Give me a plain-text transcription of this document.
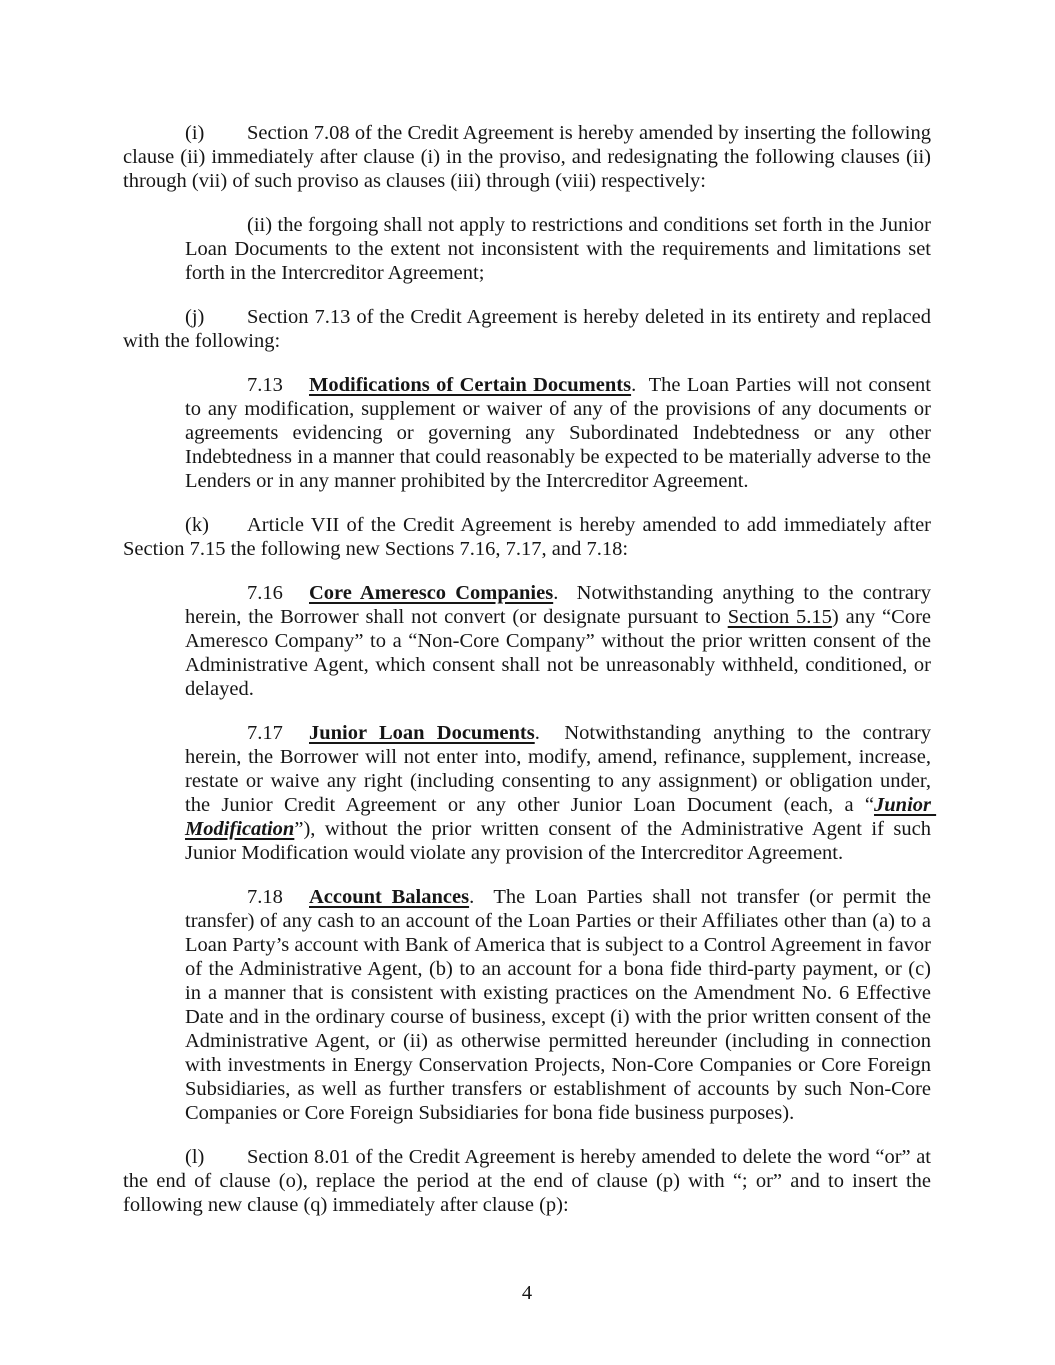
(i) Section 7.08 of the Credit Agreement is hereby amended by inserting the following clause (ii) immediately after clause (i) in the proviso, and redesignating the following clauses (ii) through (vii) of such proviso as clauses (iii) through (viii) respectively:

(ii) the forgoing shall not apply to restrictions and conditions set forth in the Junior Loan Documents to the extent not inconsistent with the requirements and limitations set forth in the Intercreditor Agreement;

(j) Section 7.13 of the Credit Agreement is hereby deleted in its entirety and replaced with the following:

7.13 Modifications of Certain Documents.  The Loan Parties will not consent to any modification, supplement or waiver of any of the provisions of any documents or agreements evidencing or governing any Subordinated Indebtedness or any other Indebtedness in a manner that could reasonably be expected to be materially adverse to the Lenders or in any manner prohibited by the Intercreditor Agreement.

(k) Article VII of the Credit Agreement is hereby amended to add immediately after Section 7.15 the following new Sections 7.16, 7.17, and 7.18:

7.16 Core Ameresco Companies.  Notwithstanding anything to the contrary herein, the Borrower shall not convert (or designate pursuant to Section 5.15) any “Core Ameresco Company” to a “Non-Core Company” without the prior written consent of the Administrative Agent, which consent shall not be unreasonably withheld, conditioned, or delayed.

7.17 Junior Loan Documents.  Notwithstanding anything to the contrary herein, the Borrower will not enter into, modify, amend, refinance, supplement, increase, restate or waive any right (including consenting to any assignment) or obligation under, the Junior Credit Agreement or any other Junior Loan Document (each, a “Junior Modification”), without the prior written consent of the Administrative Agent if such Junior Modification would violate any provision of the Intercreditor Agreement.

7.18 Account Balances.  The Loan Parties shall not transfer (or permit the transfer) of any cash to an account of the Loan Parties or their Affiliates other than (a) to a Loan Party’s account with Bank of America that is subject to a Control Agreement in favor of the Administrative Agent, (b) to an account for a bona fide third-party payment, or (c) in a manner that is consistent with existing practices on the Amendment No. 6 Effective Date and in the ordinary course of business, except (i) with the prior written consent of the Administrative Agent, or (ii) as otherwise permitted hereunder (including in connection with investments in Energy Conservation Projects, Non-Core Companies or Core Foreign Subsidiaries, as well as further transfers or establishment of accounts by such Non-Core Companies or Core Foreign Subsidiaries for bona fide business purposes).

(l) Section 8.01 of the Credit Agreement is hereby amended to delete the word “or” at the end of clause (o), replace the period at the end of clause (p) with “; or” and to insert the following new clause (q) immediately after clause (p):

4
